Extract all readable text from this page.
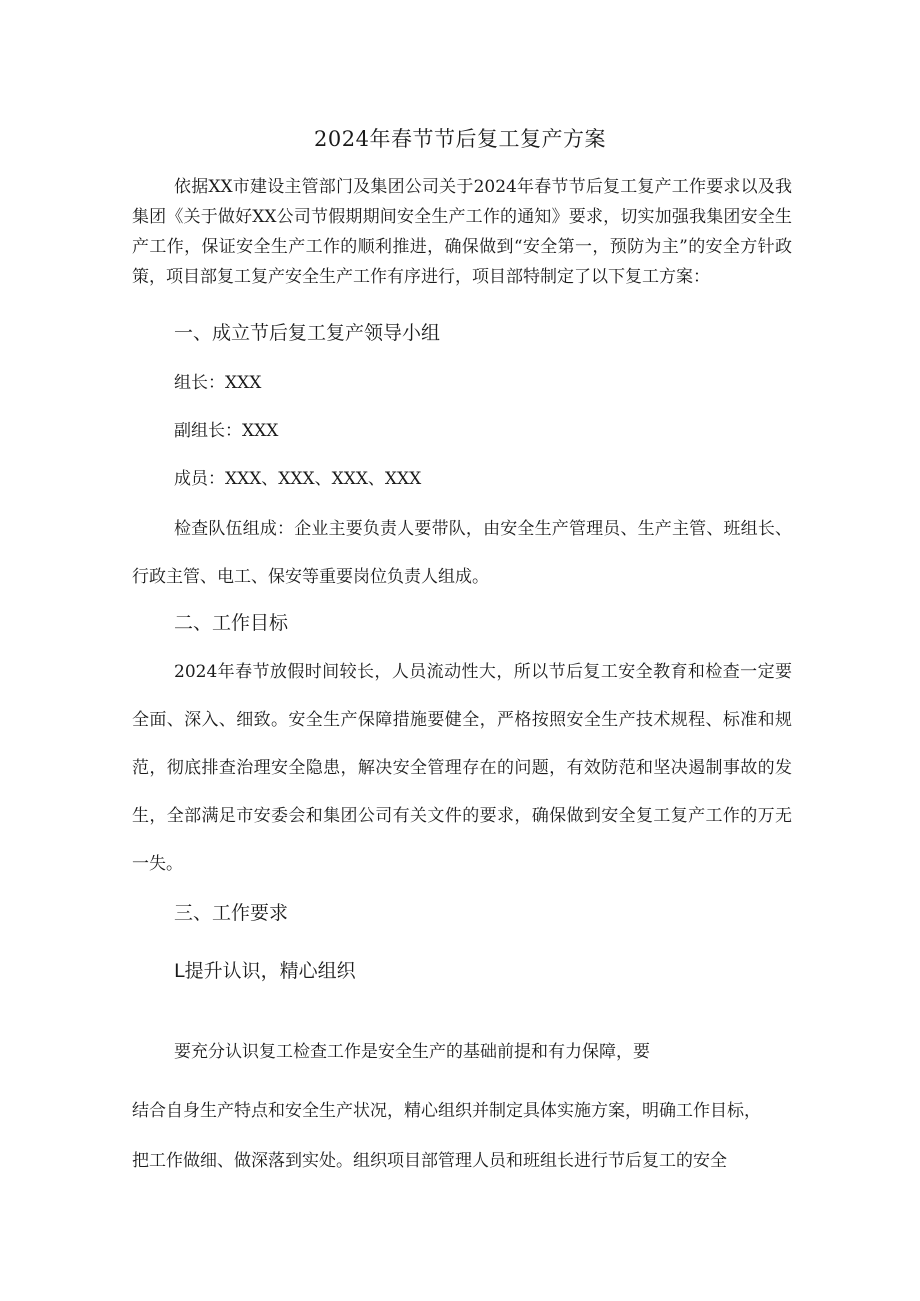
2024年春节节后复工复产方案
依据XX市建设主管部门及集团公司关于2024年春节节后复工复产工作要求以及我集团《关于做好XX公司节假期期间安全生产工作的通知》要求，切实加强我集团安全生产工作，保证安全生产工作的顺利推进，确保做到“安全第一，预防为主”的安全方针政策，项目部复工复产安全生产工作有序进行，项目部特制定了以下复工方案：
一、成立节后复工复产领导小组
组长：XXX
副组长：XXX
成员：XXX、XXX、XXX、XXX
检查队伍组成：企业主要负责人要带队，由安全生产管理员、生产主管、班组长、行政主管、电工、保安等重要岗位负责人组成。
二、工作目标
2024年春节放假时间较长，人员流动性大，所以节后复工安全教育和检查一定要全面、深入、细致。安全生产保障措施要健全，严格按照安全生产技术规程、标准和规范，彻底排查治理安全隐患，解决安全管理存在的问题，有效防范和坚决遏制事故的发生，全部满足市安委会和集团公司有关文件的要求，确保做到安全复工复产工作的万无一失。
三、工作要求
L提升认识，精心组织
要充分认识复工检查工作是安全生产的基础前提和有力保障，要
结合自身生产特点和安全生产状况，精心组织并制定具体实施方案，明确工作目标，
把工作做细、做深落到实处。组织项目部管理人员和班组长进行节后复工的安全
